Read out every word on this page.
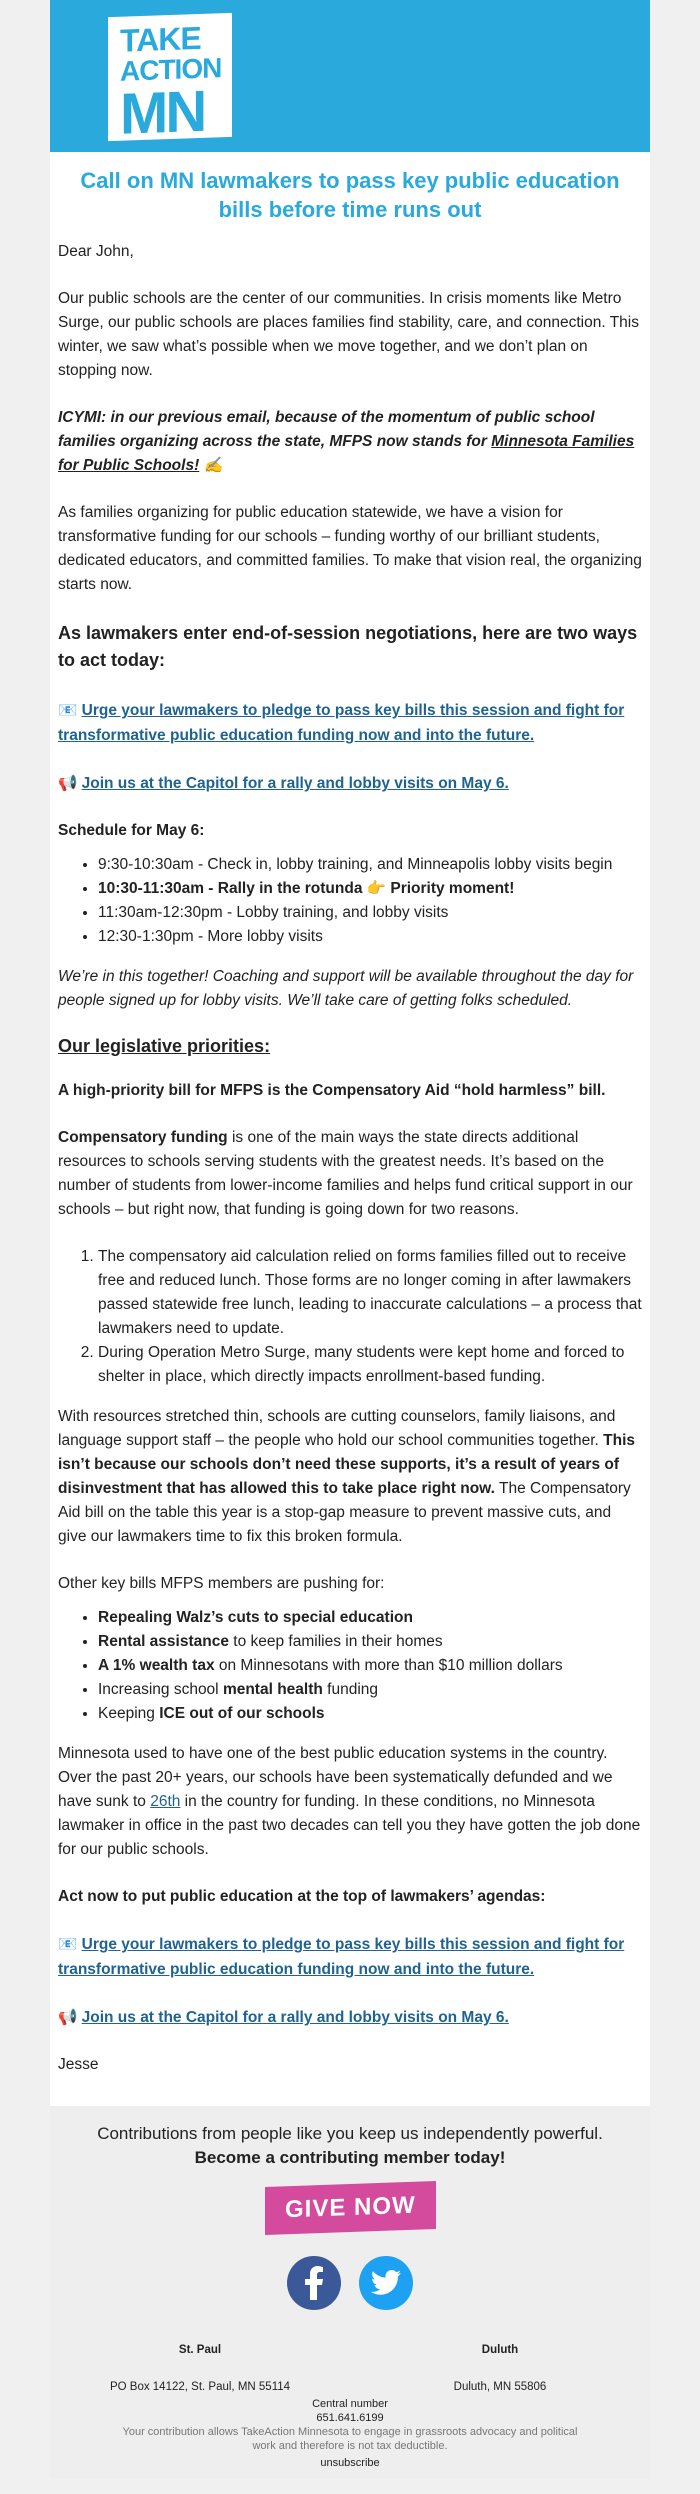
TAKE
ACTION
MN
Call on MN lawmakers to pass key public education bills before time runs out

Dear John,

Our public schools are the center of our communities. In crisis moments like Metro Surge, our public schools are places families find stability, care, and connection. This winter, we saw what’s possible when we move together, and we don’t plan on stopping now.

ICYMI: in our previous email, because of the momentum of public school families organizing across the state, MFPS now stands for Minnesota Families for Public Schools! ✍️

As families organizing for public education statewide, we have a vision for transformative funding for our schools – funding worthy of our brilliant students, dedicated educators, and committed families. To make that vision real, the organizing starts now.

As lawmakers enter end-of-session negotiations, here are two ways to act today:
📧 Urge your lawmakers to pledge to pass key bills this session and fight for transformative public education funding now and into the future.
📢 Join us at the Capitol for a rally and lobby visits on May 6.

Schedule for May 6:

• 9:30-10:30am - Check in, lobby training, and Minneapolis lobby visits begin
• 10:30-11:30am - Rally in the rotunda 👉 Priority moment!
• 11:30am-12:30pm - Lobby training, and lobby visits
• 12:30-1:30pm - More lobby visits

We’re in this together! Coaching and support will be available throughout the day for people signed up for lobby visits. We’ll take care of getting folks scheduled.

Our legislative priorities:

A high-priority bill for MFPS is the Compensatory Aid “hold harmless” bill.

Compensatory funding is one of the main ways the state directs additional resources to schools serving students with the greatest needs. It’s based on the number of students from lower-income families and helps fund critical support in our schools – but right now, that funding is going down for two reasons.

1. The compensatory aid calculation relied on forms families filled out to receive free and reduced lunch. Those forms are no longer coming in after lawmakers passed statewide free lunch, leading to inaccurate calculations – a process that lawmakers need to update.
2. During Operation Metro Surge, many students were kept home and forced to shelter in place, which directly impacts enrollment-based funding.

With resources stretched thin, schools are cutting counselors, family liaisons, and language support staff – the people who hold our school communities together. This isn’t because our schools don’t need these supports, it’s a result of years of disinvestment that has allowed this to take place right now. The Compensatory Aid bill on the table this year is a stop-gap measure to prevent massive cuts, and give our lawmakers time to fix this broken formula.

Other key bills MFPS members are pushing for:

• Repealing Walz’s cuts to special education
• Rental assistance to keep families in their homes
• A 1% wealth tax on Minnesotans with more than $10 million dollars
• Increasing school mental health funding
• Keeping ICE out of our schools

Minnesota used to have one of the best public education systems in the country. Over the past 20+ years, our schools have been systematically defunded and we have sunk to 26th in the country for funding. In these conditions, no Minnesota lawmaker in office in the past two decades can tell you they have gotten the job done for our public schools.

Act now to put public education at the top of lawmakers’ agendas:

📧 Urge your lawmakers to pledge to pass key bills this session and fight for transformative public education funding now and into the future.
📢 Join us at the Capitol for a rally and lobby visits on May 6.

Jesse

Contributions from people like you keep us independently powerful.
Become a contributing member today!
GIVE NOW
St. Paul
PO Box 14122, St. Paul, MN 55114
Duluth
Duluth, MN 55806
Central number
651.641.6199
Your contribution allows TakeAction Minnesota to engage in grassroots advocacy and political work and therefore is not tax deductible.
unsubscribe
